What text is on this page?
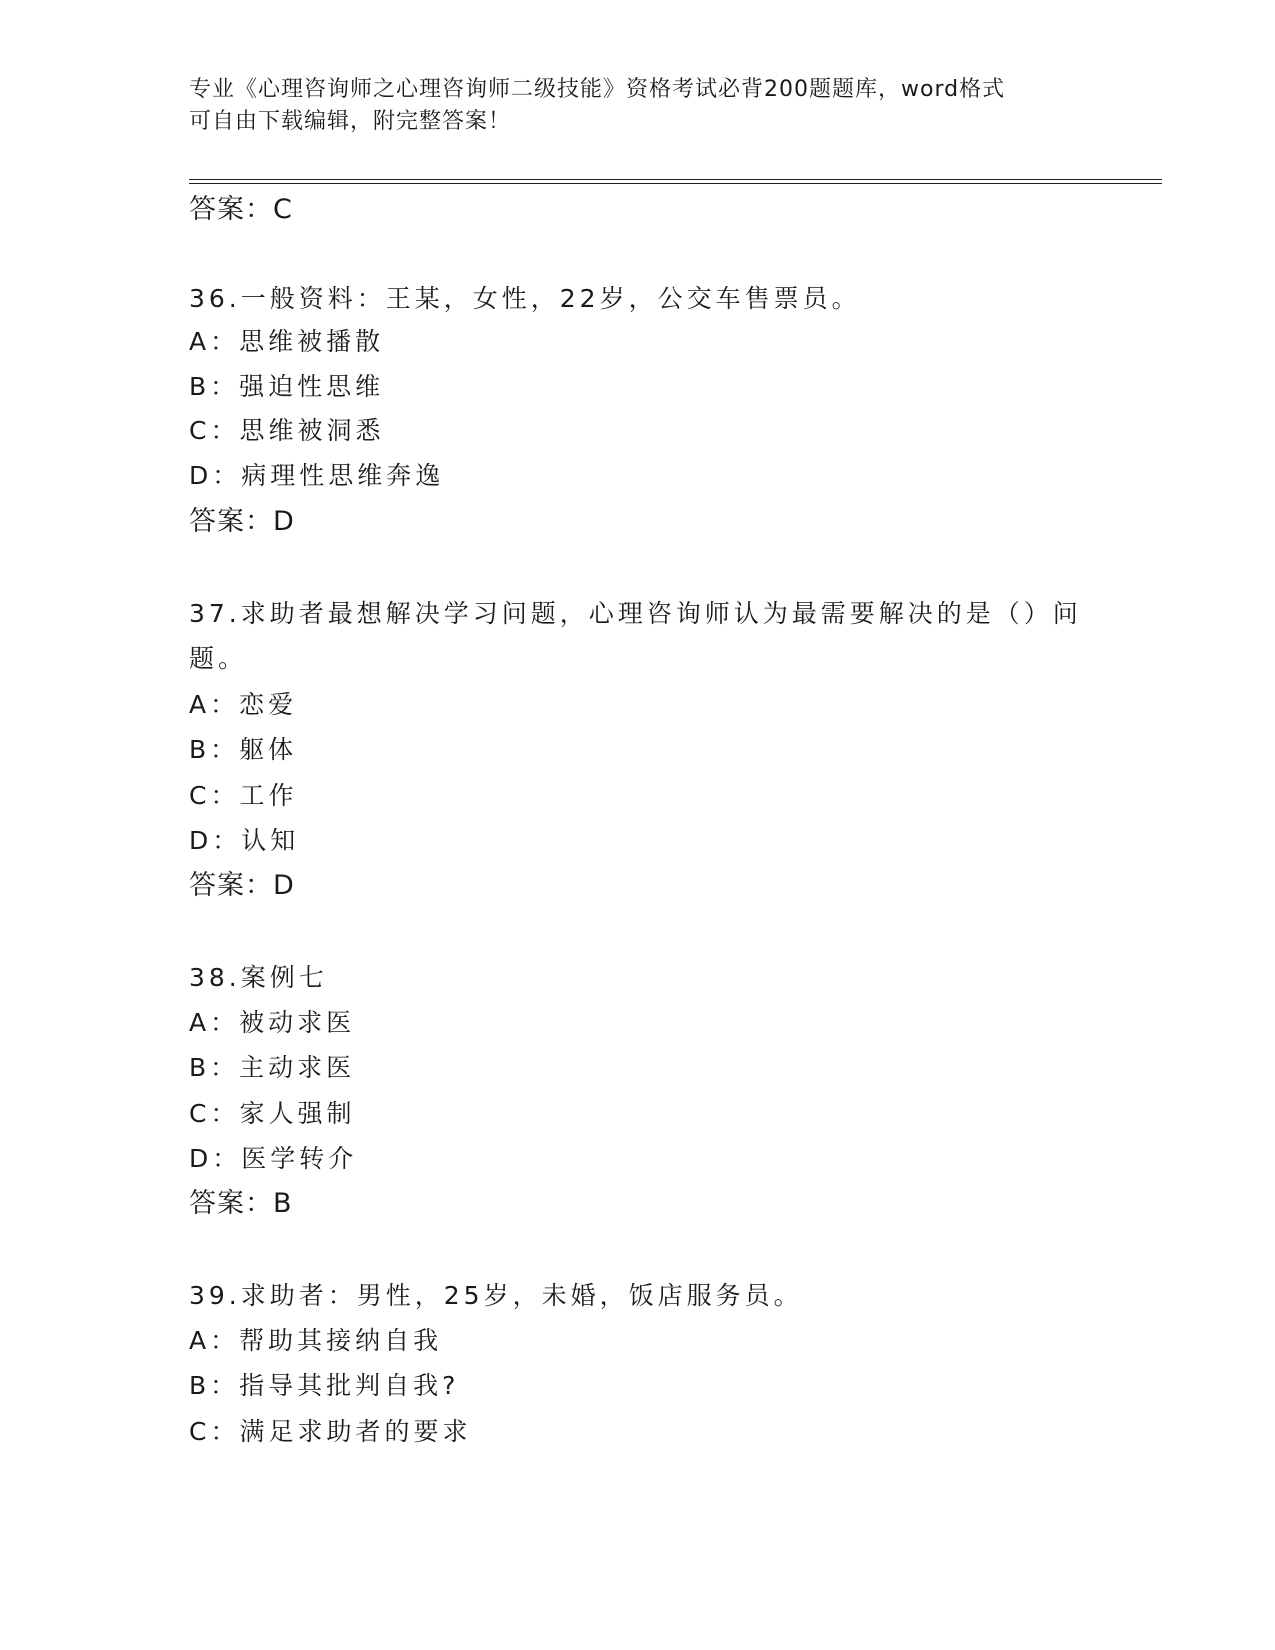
专业《心理咨询师之心理咨询师二级技能》资格考试必背200题题库，word格式
可自由下载编辑，附完整答案！
答案：C
36.一般资料：王某，女性，22岁，公交车售票员。
A：思维被播散
B：强迫性思维
C：思维被洞悉
D：病理性思维奔逸
答案：D
37.求助者最想解决学习问题，心理咨询师认为最需要解决的是（）问
题。
A：恋爱
B：躯体
C：工作
D：认知
答案：D
38.案例七
A：被动求医
B：主动求医
C：家人强制
D：医学转介
答案：B
39.求助者：男性，25岁，未婚，饭店服务员。
A：帮助其接纳自我
B：指导其批判自我?
C：满足求助者的要求
